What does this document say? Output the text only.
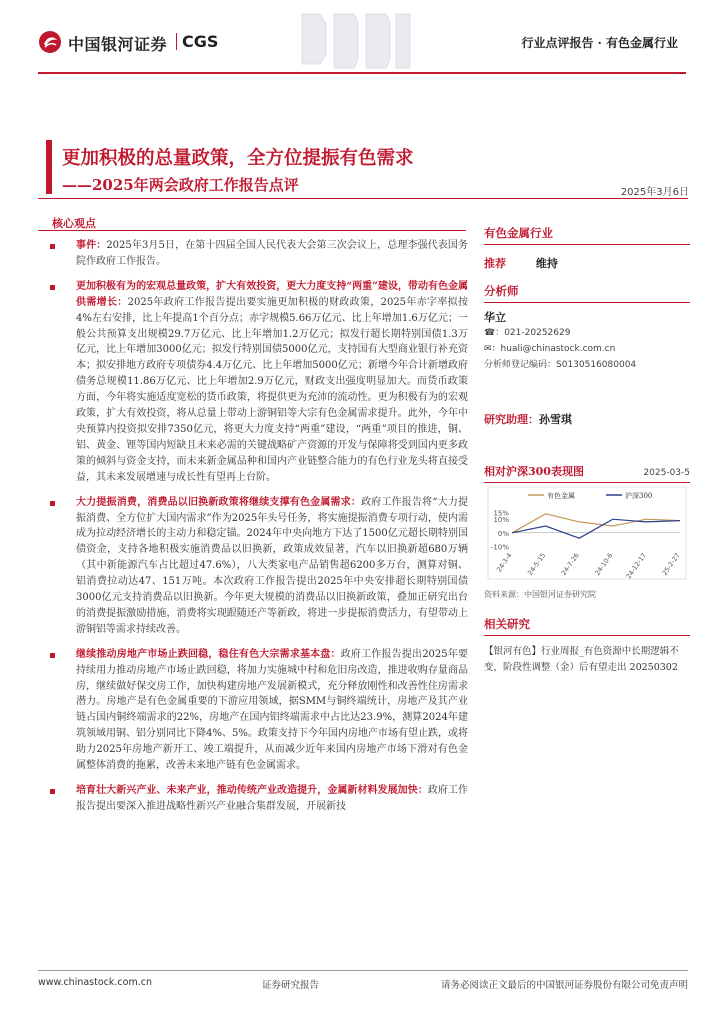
中国银河证券 CGS	行业点评报告 · 有色金属行业
更加积极的总量政策，全方位提振有色需求
——2025年两会政府工作报告点评	2025年3月6日
核心观点
事件：2025年3月5日，在第十四届全国人民代表大会第三次会议上，总理李强代表国务院作政府工作报告。
更加积极有为的宏观总量政策，扩大有效投资，更大力度支持“两重”建设，带动有色金属供需增长：2025年政府工作报告提出要实施更加积极的财政政策，2025年赤字率拟按4%左右安排，比上年提高1个百分点；赤字规模5.66万亿元、比上年增加1.6万亿元；一般公共预算支出规模29.7万亿元、比上年增加1.2万亿元；拟发行超长期特别国债1.3万亿元，比上年增加3000亿元；拟发行特别国债5000亿元，支持国有大型商业银行补充资本；拟安排地方政府专项债券4.4万亿元、比上年增加5000亿元；新增今年合计新增政府债务总规模11.86万亿元、比上年增加2.9万亿元，财政支出强度明显加大。而货币政策方面，今年将实施适度宽松的货币政策，将提供更为充沛的流动性。更为积极有为的宏观政策，扩大有效投资，将从总量上带动上游铜铝等大宗有色金属需求提升。此外，今年中央预算内投资拟安排7350亿元，将更大力度支持“两重”建设，“两重”项目的推进，铜、铝、黄金、锂等国内短缺且未来必需的关键战略矿产资源的开发与保障将受到国内更多政策的倾斜与资金支持，而未来新金属品种和国内产业链整合能力的有色行业龙头将直接受益，其未来发展增速与成长性有望再上台阶。
大力提振消费，消费品以旧换新政策将继续支撑有色金属需求：政府工作报告将“大力提振消费、全方位扩大国内需求”作为2025年头号任务，将实施提振消费专项行动，使内需成为拉动经济增长的主动力和稳定锚。2024年中央向地方下达了1500亿元超长期特别国债资金，支持各地积极实施消费品以旧换新，政策成效显著，汽车以旧换新超680万辆（其中新能源汽车占比超过47.6%），八大类家电产品销售超6200多万台，测算对铜、铝消费拉动达47、151万吨。本次政府工作报告提出2025年中央安排超长期特别国债3000亿元支持消费品以旧换新。今年更大规模的消费品以旧换新政策，叠加正研究出台的消费提振激励措施，消费将实现跟随还产等新政，将进一步提振消费活力，有望带动上游铜铝等需求持续改善。
继续推动房地产市场止跌回稳，稳住有色大宗需求基本盘：政府工作报告提出2025年要持续用力推动房地产市场止跌回稳，将加力实施城中村和危旧房改造，推进收购存量商品房，继续做好保交房工作，加快构建房地产发展新模式，充分释放刚性和改善性住房需求潜力。房地产是有色金属重要的下游应用领域，据SMM与铜终端统计，房地产及其产业链占国内铜终端需求的22%，房地产在国内铝终端需求中占比达23.9%，测算2024年建筑领域用铜、铝分别同比下降4%、5%。政策支持下今年国内房地产市场有望止跌，或将助力2025年房地产新开工、竣工端提升，从而减少近年来国内房地产市场下滑对有色金属整体消费的拖累，改善未来地产链有色金属需求。
培育壮大新兴产业、未来产业，推动传统产业改造提升，金属新材料发展加快：政府工作报告提出要深入推进战略性新兴产业融合集群发展，开展新技
有色金属行业
推荐	维持
分析师
华立
☎：021-20252629
✉：huali@chinastock.com.cn
分析师登记编码：S0130516080004
研究助理：孙雪琪
相对沪深300表现图	2025-03-5
15%
10%
0%
-10%
24-3-4 24-5-15 24-7-26 24-10-6 24-12-17 25-2-27
有色金属	沪深300
资料来源：中国银河证券研究院
相关研究
【银河有色】行业周报_有色资源中长期逻辑不变，阶段性调整（金）后有望走出 20250302
www.chinastock.com.cn	证券研究报告	请务必阅读正文最后的中国银河证券股份有限公司免责声明
